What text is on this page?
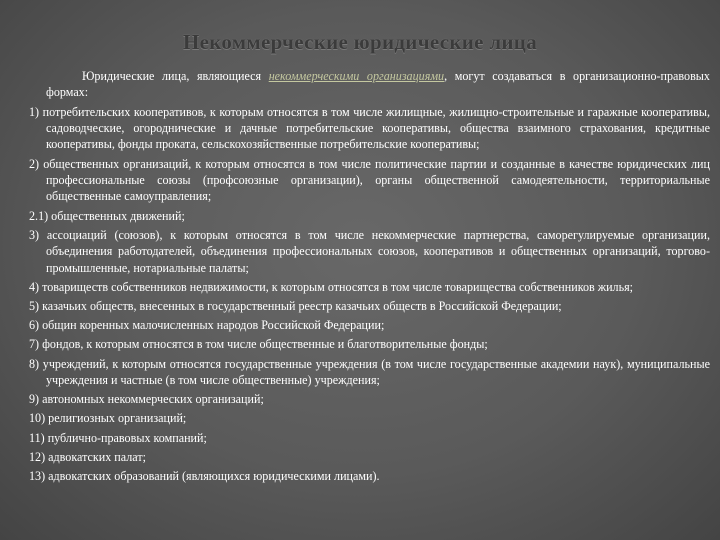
Некоммерческие юридические лица

Юридические лица, являющиеся некоммерческими организациями, могут создаваться в организационно-правовых формах:

1) потребительских кооперативов, к которым относятся в том числе жилищные, жилищно-строительные и гаражные кооперативы, садоводческие, огороднические и дачные потребительские кооперативы, общества взаимного страхования, кредитные кооперативы, фонды проката, сельскохозяйственные потребительские кооперативы;

2) общественных организаций, к которым относятся в том числе политические партии и созданные в качестве юридических лиц профессиональные союзы (профсоюзные организации), органы общественной самодеятельности, территориальные общественные самоуправления;

2.1) общественных движений;

3) ассоциаций (союзов), к которым относятся в том числе некоммерческие партнерства, саморегулируемые организации, объединения работодателей, объединения профессиональных союзов, кооперативов и общественных организаций, торгово-промышленные, нотариальные палаты;

4) товариществ собственников недвижимости, к которым относятся в том числе товарищества собственников жилья;

5) казачьих обществ, внесенных в государственный реестр казачьих обществ в Российской Федерации;

6) общин коренных малочисленных народов Российской Федерации;

7) фондов, к которым относятся в том числе общественные и благотворительные фонды;

8) учреждений, к которым относятся государственные учреждения (в том числе государственные академии наук), муниципальные учреждения и частные (в том числе общественные) учреждения;

9) автономных некоммерческих организаций;

10) религиозных организаций;

11) публично-правовых компаний;

12) адвокатских палат;

13) адвокатских образований (являющихся юридическими лицами).
